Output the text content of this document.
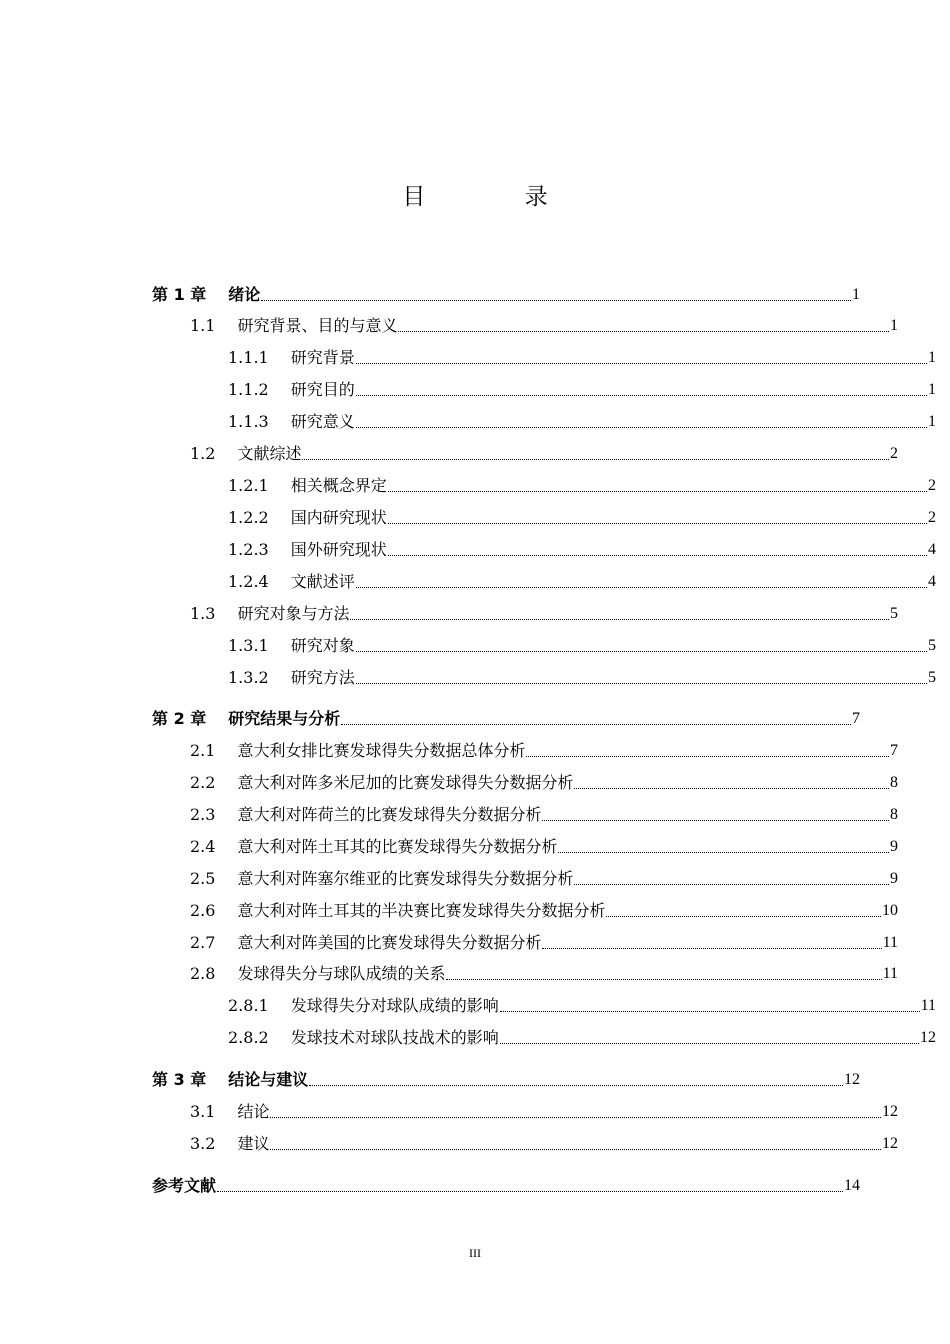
目 录
第 1 章 绪论	1
1.1 研究背景、目的与意义	1
1.1.1 研究背景	1
1.1.2 研究目的	1
1.1.3 研究意义	1
1.2 文献综述	2
1.2.1 相关概念界定	2
1.2.2 国内研究现状	2
1.2.3 国外研究现状	4
1.2.4 文献述评	4
1.3 研究对象与方法	5
1.3.1 研究对象	5
1.3.2 研究方法	5
第 2 章 研究结果与分析	7
2.1 意大利女排比赛发球得失分数据总体分析	7
2.2 意大利对阵多米尼加的比赛发球得失分数据分析	8
2.3 意大利对阵荷兰的比赛发球得失分数据分析	8
2.4 意大利对阵土耳其的比赛发球得失分数据分析	9
2.5 意大利对阵塞尔维亚的比赛发球得失分数据分析	9
2.6 意大利对阵土耳其的半决赛比赛发球得失分数据分析	10
2.7 意大利对阵美国的比赛发球得失分数据分析	11
2.8 发球得失分与球队成绩的关系	11
2.8.1 发球得失分对球队成绩的影响	11
2.8.2 发球技术对球队技战术的影响	12
第 3 章 结论与建议	12
3.1 结论	12
3.2 建议	12
参考文献	14
III
